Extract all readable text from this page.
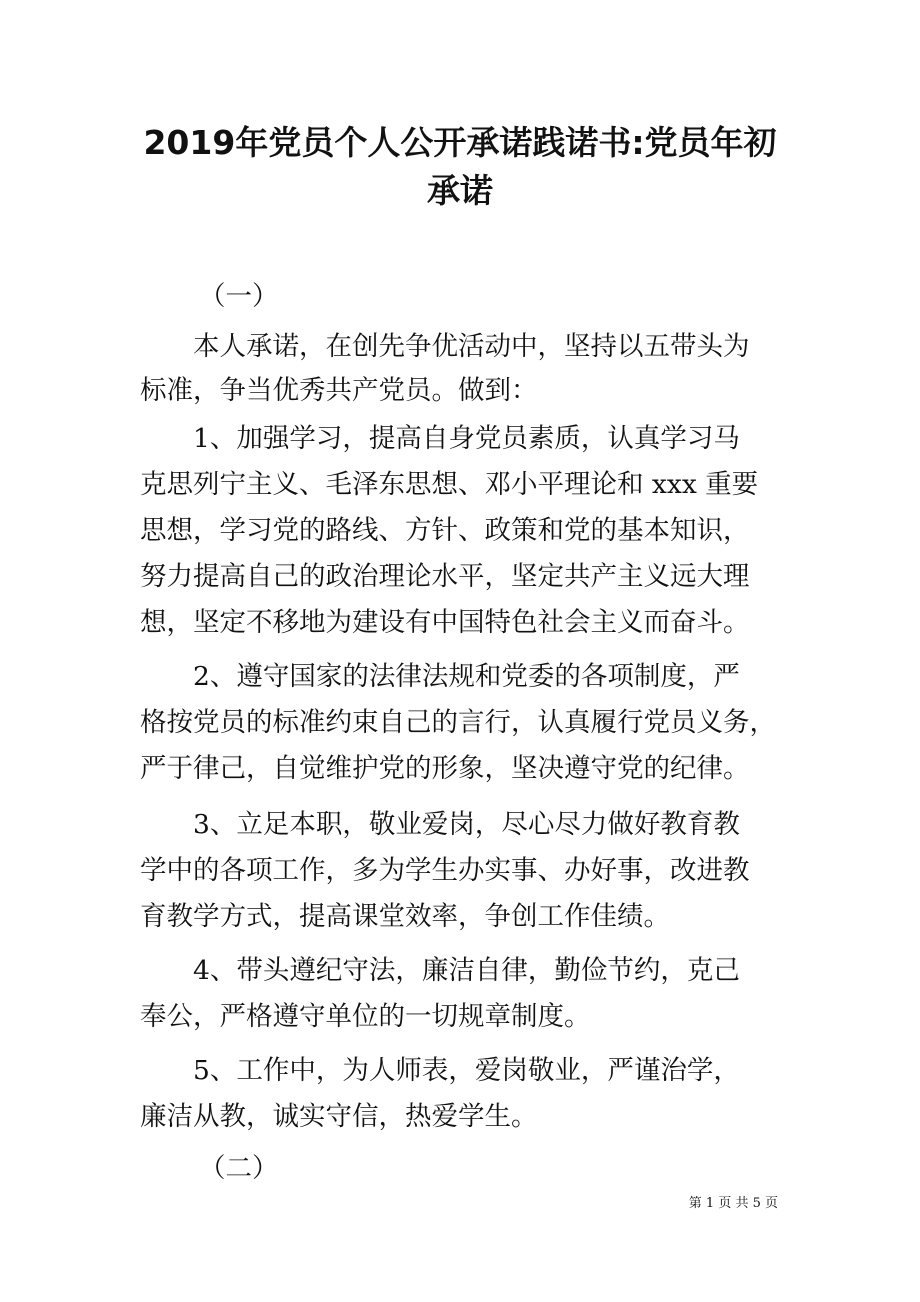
2019年党员个人公开承诺践诺书:党员年初
承诺

（一）

本人承诺，在创先争优活动中，坚持以五带头为

标准，争当优秀共产党员。做到：

1、加强学习，提高自身党员素质，认真学习马

克思列宁主义、毛泽东思想、邓小平理论和 xxx 重要

思想，学习党的路线、方针、政策和党的基本知识，

努力提高自己的政治理论水平，坚定共产主义远大理

想，坚定不移地为建设有中国特色社会主义而奋斗。

2、遵守国家的法律法规和党委的各项制度，严

格按党员的标准约束自己的言行，认真履行党员义务，

严于律己，自觉维护党的形象，坚决遵守党的纪律。

3、立足本职，敬业爱岗，尽心尽力做好教育教

学中的各项工作，多为学生办实事、办好事，改进教

育教学方式，提高课堂效率，争创工作佳绩。

4、带头遵纪守法，廉洁自律，勤俭节约，克己

奉公，严格遵守单位的一切规章制度。

5、工作中，为人师表，爱岗敬业，严谨治学，

廉洁从教，诚实守信，热爱学生。

（二）

第 1 页 共 5 页
